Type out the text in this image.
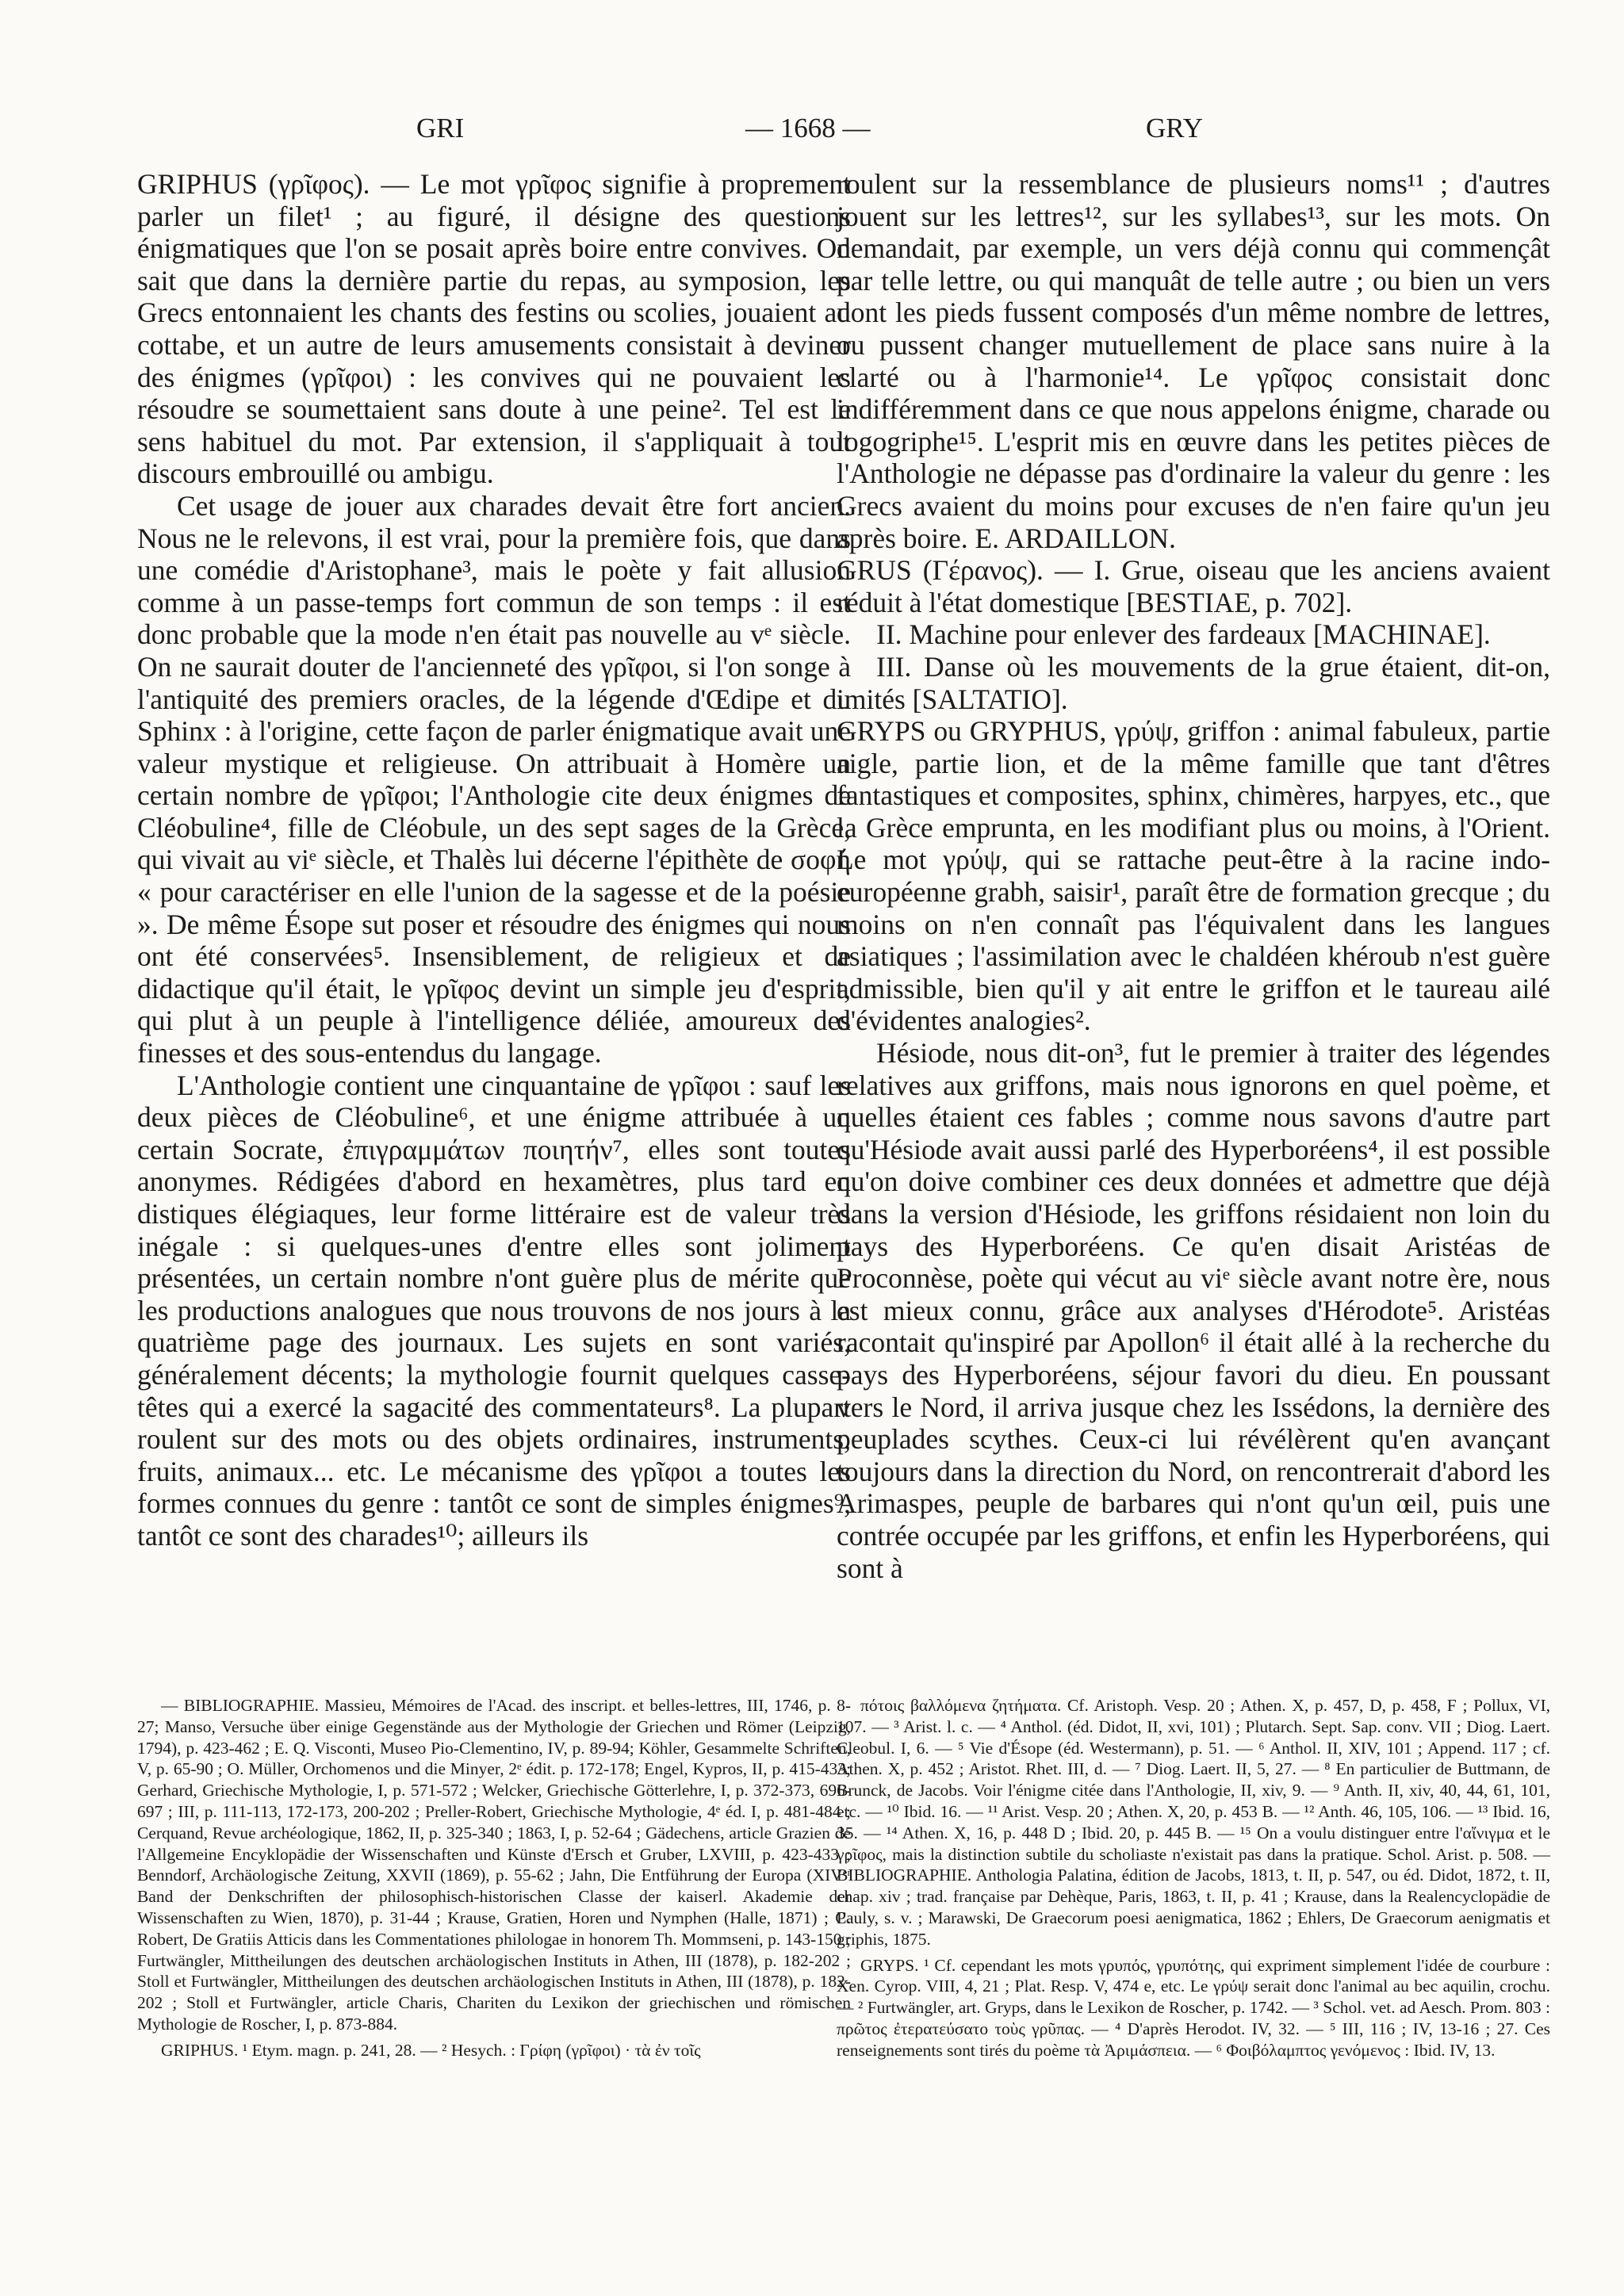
GRI	— 1668 —	GRY

GRIPHUS (γρῖφος). — Le mot γρῖφος signifie à proprement parler un filet¹ ; au figuré, il désigne des questions énigmatiques que l'on se posait après boire entre convives. On sait que dans la dernière partie du repas, au symposion, les Grecs entonnaient les chants des festins ou scolies, jouaient au cottabe, et un autre de leurs amusements consistait à deviner des énigmes (γρῖφοι) : les convives qui ne pouvaient les résoudre se soumettaient sans doute à une peine². Tel est le sens habituel du mot. Par extension, il s'appliquait à tout discours embrouillé ou ambigu.

Cet usage de jouer aux charades devait être fort ancien. Nous ne le relevons, il est vrai, pour la première fois, que dans une comédie d'Aristophane³, mais le poète y fait allusion comme à un passe-temps fort commun de son temps : il est donc probable que la mode n'en était pas nouvelle au vᵉ siècle. On ne saurait douter de l'ancienneté des γρῖφοι, si l'on songe à l'antiquité des premiers oracles, de la légende d'Œdipe et du Sphinx : à l'origine, cette façon de parler énigmatique avait une valeur mystique et religieuse. On attribuait à Homère un certain nombre de γρῖφοι; l'Anthologie cite deux énigmes de Cléobuline⁴, fille de Cléobule, un des sept sages de la Grèce, qui vivait au viᵉ siècle, et Thalès lui décerne l'épithète de σοφή « pour caractériser en elle l'union de la sagesse et de la poésie ». De même Ésope sut poser et résoudre des énigmes qui nous ont été conservées⁵. Insensiblement, de religieux et de didactique qu'il était, le γρῖφος devint un simple jeu d'esprit, qui plut à un peuple à l'intelligence déliée, amoureux des finesses et des sous-entendus du langage.

L'Anthologie contient une cinquantaine de γρῖφοι : sauf les deux pièces de Cléobuline⁶, et une énigme attribuée à un certain Socrate, ἐπιγραμμάτων ποιητήν⁷, elles sont toutes anonymes. Rédigées d'abord en hexamètres, plus tard en distiques élégiaques, leur forme littéraire est de valeur très inégale : si quelques-unes d'entre elles sont joliment présentées, un certain nombre n'ont guère plus de mérite que les productions analogues que nous trouvons de nos jours à la quatrième page des journaux. Les sujets en sont variés, généralement décents; la mythologie fournit quelques casse-têtes qui a exercé la sagacité des commentateurs⁸. La plupart roulent sur des mots ou des objets ordinaires, instruments, fruits, animaux... etc. Le mécanisme des γρῖφοι a toutes les formes connues du genre : tantôt ce sont de simples énigmes⁹, tantôt ce sont des charades¹⁰; ailleurs ils

roulent sur la ressemblance de plusieurs noms¹¹ ; d'autres jouent sur les lettres¹², sur les syllabes¹³, sur les mots. On demandait, par exemple, un vers déjà connu qui commençât par telle lettre, ou qui manquât de telle autre ; ou bien un vers dont les pieds fussent composés d'un même nombre de lettres, ou pussent changer mutuellement de place sans nuire à la clarté ou à l'harmonie¹⁴. Le γρῖφος consistait donc indifféremment dans ce que nous appelons énigme, charade ou logogriphe¹⁵. L'esprit mis en œuvre dans les petites pièces de l'Anthologie ne dépasse pas d'ordinaire la valeur du genre : les Grecs avaient du moins pour excuses de n'en faire qu'un jeu après boire. E. ARDAILLON.

GRUS (Γέρανος). — I. Grue, oiseau que les anciens avaient réduit à l'état domestique [BESTIAE, p. 702].

II. Machine pour enlever des fardeaux [MACHINAE].

III. Danse où les mouvements de la grue étaient, dit-on, imités [SALTATIO].

GRYPS ou GRYPHUS, γρύψ, griffon : animal fabuleux, partie aigle, partie lion, et de la même famille que tant d'êtres fantastiques et composites, sphinx, chimères, harpyes, etc., que la Grèce emprunta, en les modifiant plus ou moins, à l'Orient. Le mot γρύψ, qui se rattache peut-être à la racine indo-européenne grabh, saisir¹, paraît être de formation grecque ; du moins on n'en connaît pas l'équivalent dans les langues asiatiques ; l'assimilation avec le chaldéen khéroub n'est guère admissible, bien qu'il y ait entre le griffon et le taureau ailé d'évidentes analogies².

Hésiode, nous dit-on³, fut le premier à traiter des légendes relatives aux griffons, mais nous ignorons en quel poème, et quelles étaient ces fables ; comme nous savons d'autre part qu'Hésiode avait aussi parlé des Hyperboréens⁴, il est possible qu'on doive combiner ces deux données et admettre que déjà dans la version d'Hésiode, les griffons résidaient non loin du pays des Hyperboréens. Ce qu'en disait Aristéas de Proconnèse, poète qui vécut au viᵉ siècle avant notre ère, nous est mieux connu, grâce aux analyses d'Hérodote⁵. Aristéas racontait qu'inspiré par Apollon⁶ il était allé à la recherche du pays des Hyperboréens, séjour favori du dieu. En poussant vers le Nord, il arriva jusque chez les Issédons, la dernière des peuplades scythes. Ceux-ci lui révélèrent qu'en avançant toujours dans la direction du Nord, on rencontrerait d'abord les Arimaspes, peuple de barbares qui n'ont qu'un œil, puis une contrée occupée par les griffons, et enfin les Hyperboréens, qui sont à

— BIBLIOGRAPHIE. Massieu, Mémoires de l'Acad. des inscript. et belles-lettres, III, 1746, p. 8-27; Manso, Versuche über einige Gegenstände aus der Mythologie der Griechen und Römer (Leipzig, 1794), p. 423-462 ; E. Q. Visconti, Museo Pio-Clementino, IV, p. 89-94; Köhler, Gesammelte Schriften, V, p. 65-90 ; O. Müller, Orchomenos und die Minyer, 2ᵉ édit. p. 172-178; Engel, Kypros, II, p. 415-433; Gerhard, Griechische Mythologie, I, p. 571-572 ; Welcker, Griechische Götterlehre, I, p. 372-373, 696-697 ; III, p. 111-113, 172-173, 200-202 ; Preller-Robert, Griechische Mythologie, 4ᵉ éd. I, p. 481-484 ; Cerquand, Revue archéologique, 1862, II, p. 325-340 ; 1863, I, p. 52-64 ; Gädechens, article Grazien de l'Allgemeine Encyklopädie der Wissenschaften und Künste d'Ersch et Gruber, LXVIII, p. 423-433 ; Benndorf, Archäologische Zeitung, XXVII (1869), p. 55-62 ; Jahn, Die Entführung der Europa (XIVᵉʳ Band der Denkschriften der philosophisch-historischen Classe der kaiserl. Akademie der Wissenschaften zu Wien, 1870), p. 31-44 ; Krause, Gratien, Horen und Nymphen (Halle, 1871) ; C. Robert, De Gratiis Atticis dans les Commentationes philologae in honorem Th. Mommseni, p. 143-150 ; Furtwängler, Mittheilungen des deutschen archäologischen Instituts in Athen, III (1878), p. 182-202 ; Stoll et Furtwängler, Mittheilungen des deutschen archäologischen Instituts in Athen, III (1878), p. 182-202 ; Stoll et Furtwängler, article Charis, Chariten du Lexikon der griechischen und römischen Mythologie de Roscher, I, p. 873-884.

GRIPHUS. ¹ Etym. magn. p. 241, 28. — ² Hesych. : Γρίφη (γρῖφοι) · τὰ ἐν τοῖς

πότοις βαλλόμενα ζητήματα. Cf. Aristoph. Vesp. 20 ; Athen. X, p. 457, D, p. 458, F ; Pollux, VI, 107. — ³ Arist. l. c. — ⁴ Anthol. (éd. Didot, II, xvi, 101) ; Plutarch. Sept. Sap. conv. VII ; Diog. Laert. Cleobul. I, 6. — ⁵ Vie d'Ésope (éd. Westermann), p. 51. — ⁶ Anthol. II, XIV, 101 ; Append. 117 ; cf. Athen. X, p. 452 ; Aristot. Rhet. III, d. — ⁷ Diog. Laert. II, 5, 27. — ⁸ En particulier de Buttmann, de Brunck, de Jacobs. Voir l'énigme citée dans l'Anthologie, II, xiv, 9. — ⁹ Anth. II, xiv, 40, 44, 61, 101, etc. — ¹⁰ Ibid. 16. — ¹¹ Arist. Vesp. 20 ; Athen. X, 20, p. 453 B. — ¹² Anth. 46, 105, 106. — ¹³ Ibid. 16, 35. — ¹⁴ Athen. X, 16, p. 448 D ; Ibid. 20, p. 445 B. — ¹⁵ On a voulu distinguer entre l'αἴνιγμα et le γρῖφος, mais la distinction subtile du scholiaste n'existait pas dans la pratique. Schol. Arist. p. 508. — BIBLIOGRAPHIE. Anthologia Palatina, édition de Jacobs, 1813, t. II, p. 547, ou éd. Didot, 1872, t. II, chap. xiv ; trad. française par Dehèque, Paris, 1863, t. II, p. 41 ; Krause, dans la Realencyclopädie de Pauly, s. v. ; Marawski, De Graecorum poesi aenigmatica, 1862 ; Ehlers, De Graecorum aenigmatis et griphis, 1875.

GRYPS. ¹ Cf. cependant les mots γρυπός, γρυπότης, qui expriment simplement l'idée de courbure : Xen. Cyrop. VIII, 4, 21 ; Plat. Resp. V, 474 e, etc. Le γρύψ serait donc l'animal au bec aquilin, crochu. — ² Furtwängler, art. Gryps, dans le Lexikon de Roscher, p. 1742. — ³ Schol. vet. ad Aesch. Prom. 803 : πρῶτος ἐτερατεύσατο τοὺς γρῦπας. — ⁴ D'après Herodot. IV, 32. — ⁵ III, 116 ; IV, 13-16 ; 27. Ces renseignements sont tirés du poème τὰ Ἀριμάσπεια. — ⁶ Φοιβόλαμπτος γενόμενος : Ibid. IV, 13.
